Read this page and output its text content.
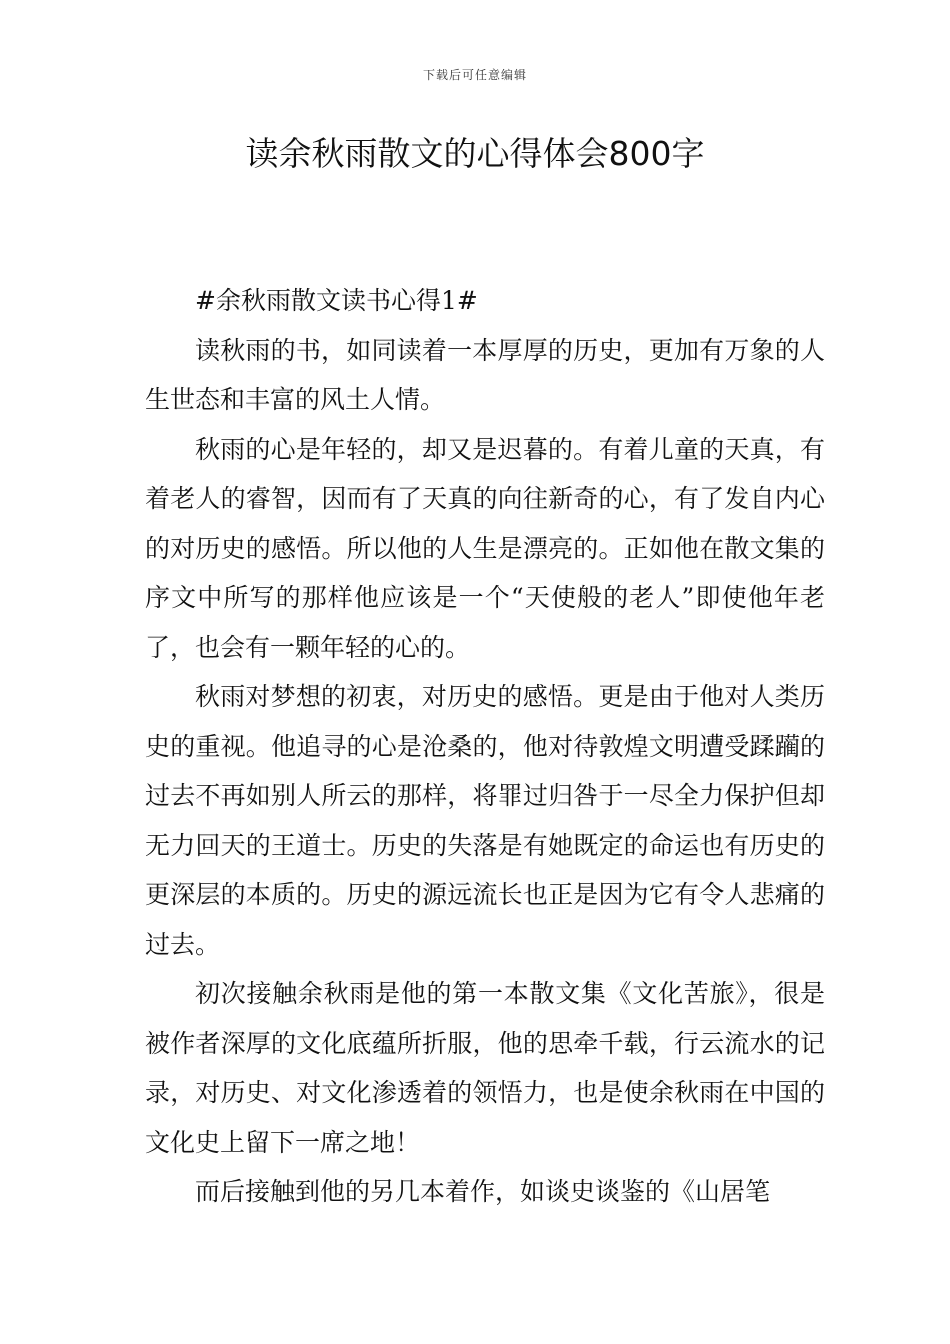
下载后可任意编辑
读余秋雨散文的心得体会800字

#余秋雨散文读书心得1#

读秋雨的书，如同读着一本厚厚的历史，更加有万象的人生世态和丰富的风土人情。

秋雨的心是年轻的，却又是迟暮的。有着儿童的天真，有着老人的睿智，因而有了天真的向往新奇的心，有了发自内心的对历史的感悟。所以他的人生是漂亮的。正如他在散文集的序文中所写的那样他应该是一个“天使般的老人”即使他年老了，也会有一颗年轻的心的。

秋雨对梦想的初衷，对历史的感悟。更是由于他对人类历史的重视。他追寻的心是沧桑的，他对待敦煌文明遭受蹂躏的过去不再如别人所云的那样，将罪过归咎于一尽全力保护但却无力回天的王道士。历史的失落是有她既定的命运也有历史的更深层的本质的。历史的源远流长也正是因为它有令人悲痛的过去。

初次接触余秋雨是他的第一本散文集《文化苦旅》，很是被作者深厚的文化底蕴所折服，他的思牵千载，行云流水的记录，对历史、对文化渗透着的领悟力，也是使余秋雨在中国的文化史上留下一席之地！

而后接触到他的另几本着作，如谈史谈鉴的《山居笔
